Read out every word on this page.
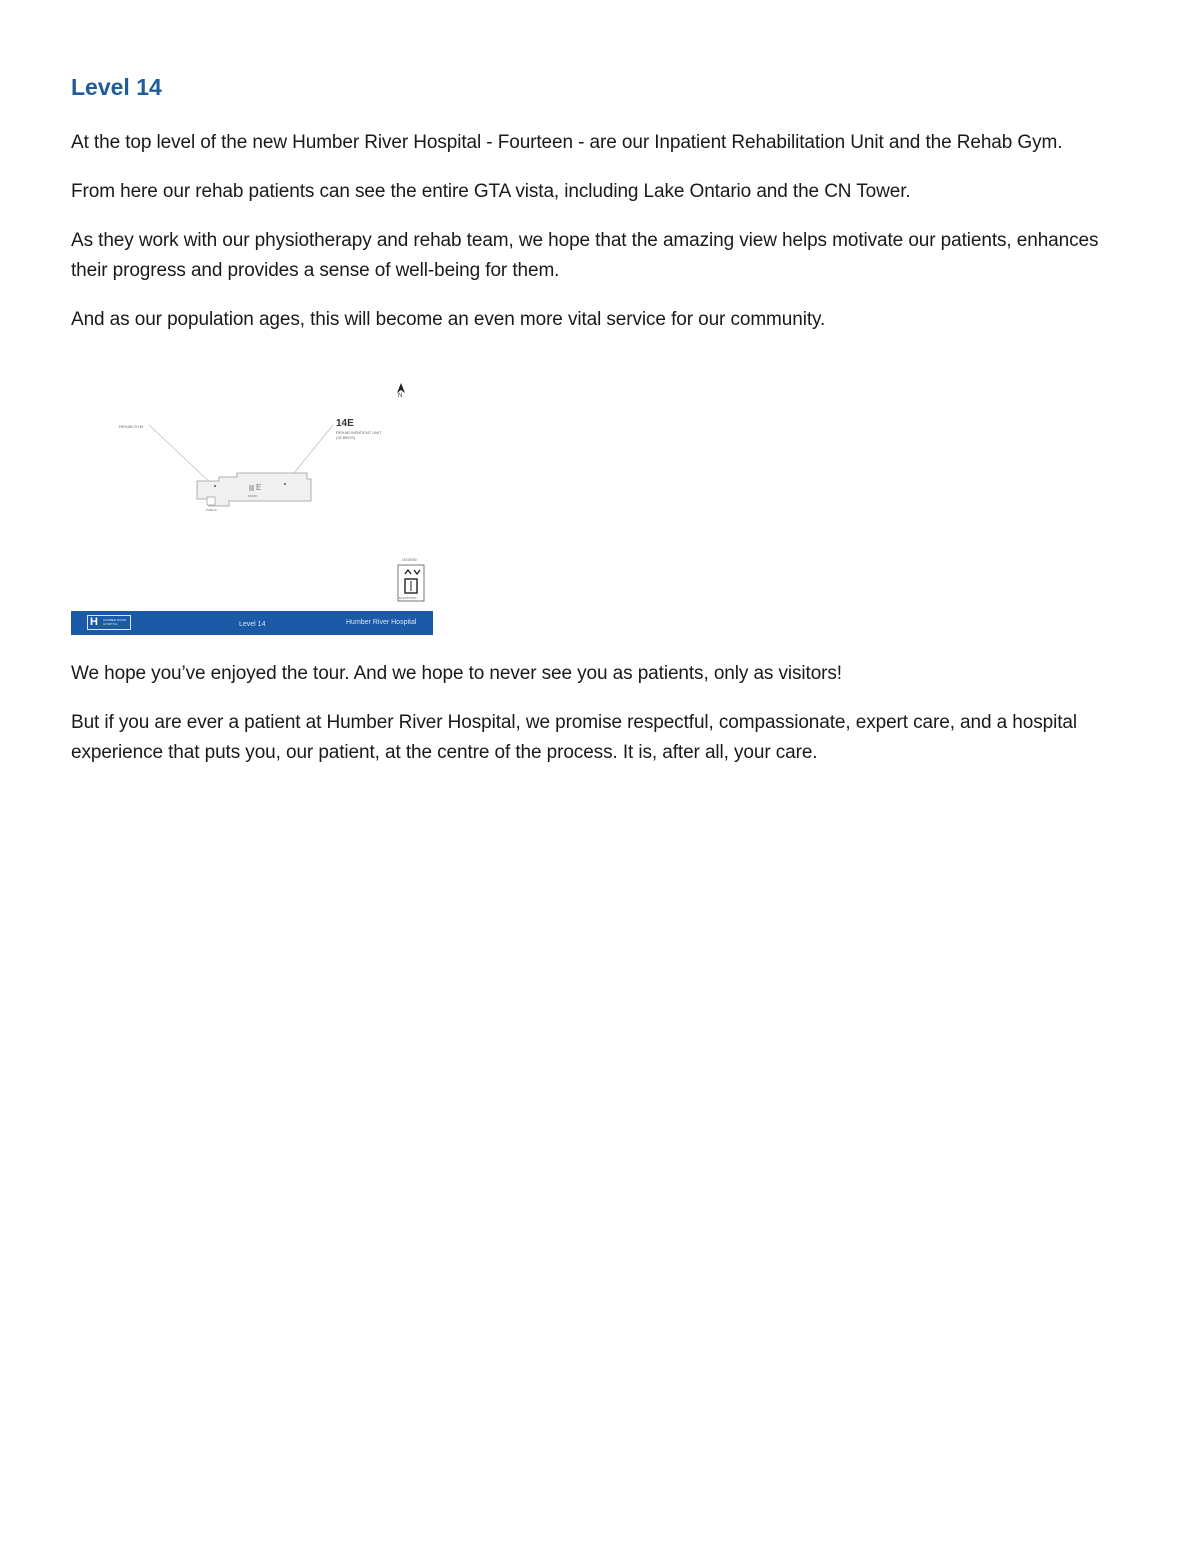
Level 14

At the top level of the new Humber River Hospital - Fourteen - are our Inpatient Rehabilitation Unit and the Rehab Gym.

From here our rehab patients can see the entire GTA vista, including Lake Ontario and the CN Tower.

As they work with our physiotherapy and rehab team, we hope that the amazing view helps motivate our patients, enhances their progress and provides a sense of well-being for them.

And as our population ages, this will become an even more vital service for our community.

N
REHAB GYM	14E
REHAB INPATIENT UNIT
(32 BEDS)
E
STAFF
PUBLIC
LEGEND:
ELEVATORS
H HUMBER RIVER HOSPITAL	Level 14	Humber River Hospital

We hope you’ve enjoyed the tour. And we hope to never see you as patients, only as visitors!

But if you are ever a patient at Humber River Hospital, we promise respectful, compassionate, expert care, and a hospital experience that puts you, our patient, at the centre of the process. It is, after all, your care.
